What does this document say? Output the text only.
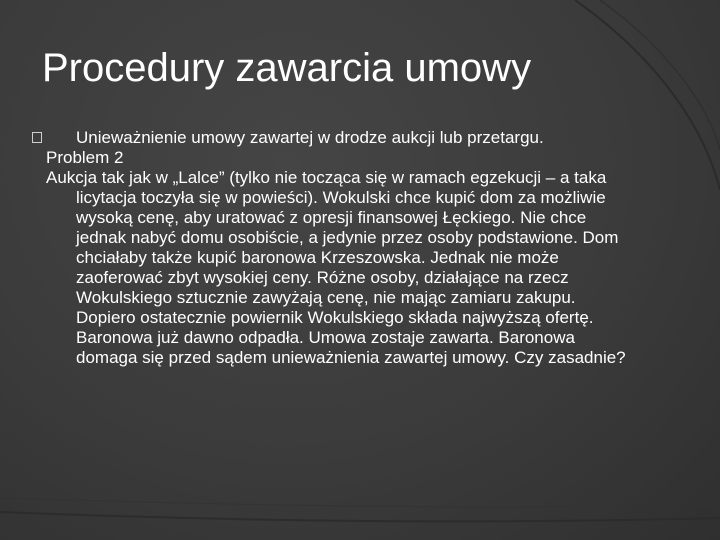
Procedury zawarcia umowy

Unieważnienie umowy zawartej w drodze aukcji lub przetargu.

Problem 2

Aukcja tak jak w „Lalce” (tylko nie tocząca się w ramach egzekucji – a taka licytacja toczyła się w powieści). Wokulski chce kupić dom za możliwie wysoką cenę, aby uratować z opresji finansowej Łęckiego. Nie chce jednak nabyć domu osobiście, a jedynie przez osoby podstawione. Dom chciałaby także kupić baronowa Krzeszowska. Jednak nie może zaoferować zbyt wysokiej ceny. Różne osoby, działające na rzecz Wokulskiego sztucznie zawyżają cenę, nie mając zamiaru zakupu. Dopiero ostatecznie powiernik Wokulskiego składa najwyższą ofertę. Baronowa już dawno odpadła. Umowa zostaje zawarta. Baronowa domaga się przed sądem unieważnienia zawartej umowy. Czy zasadnie?
